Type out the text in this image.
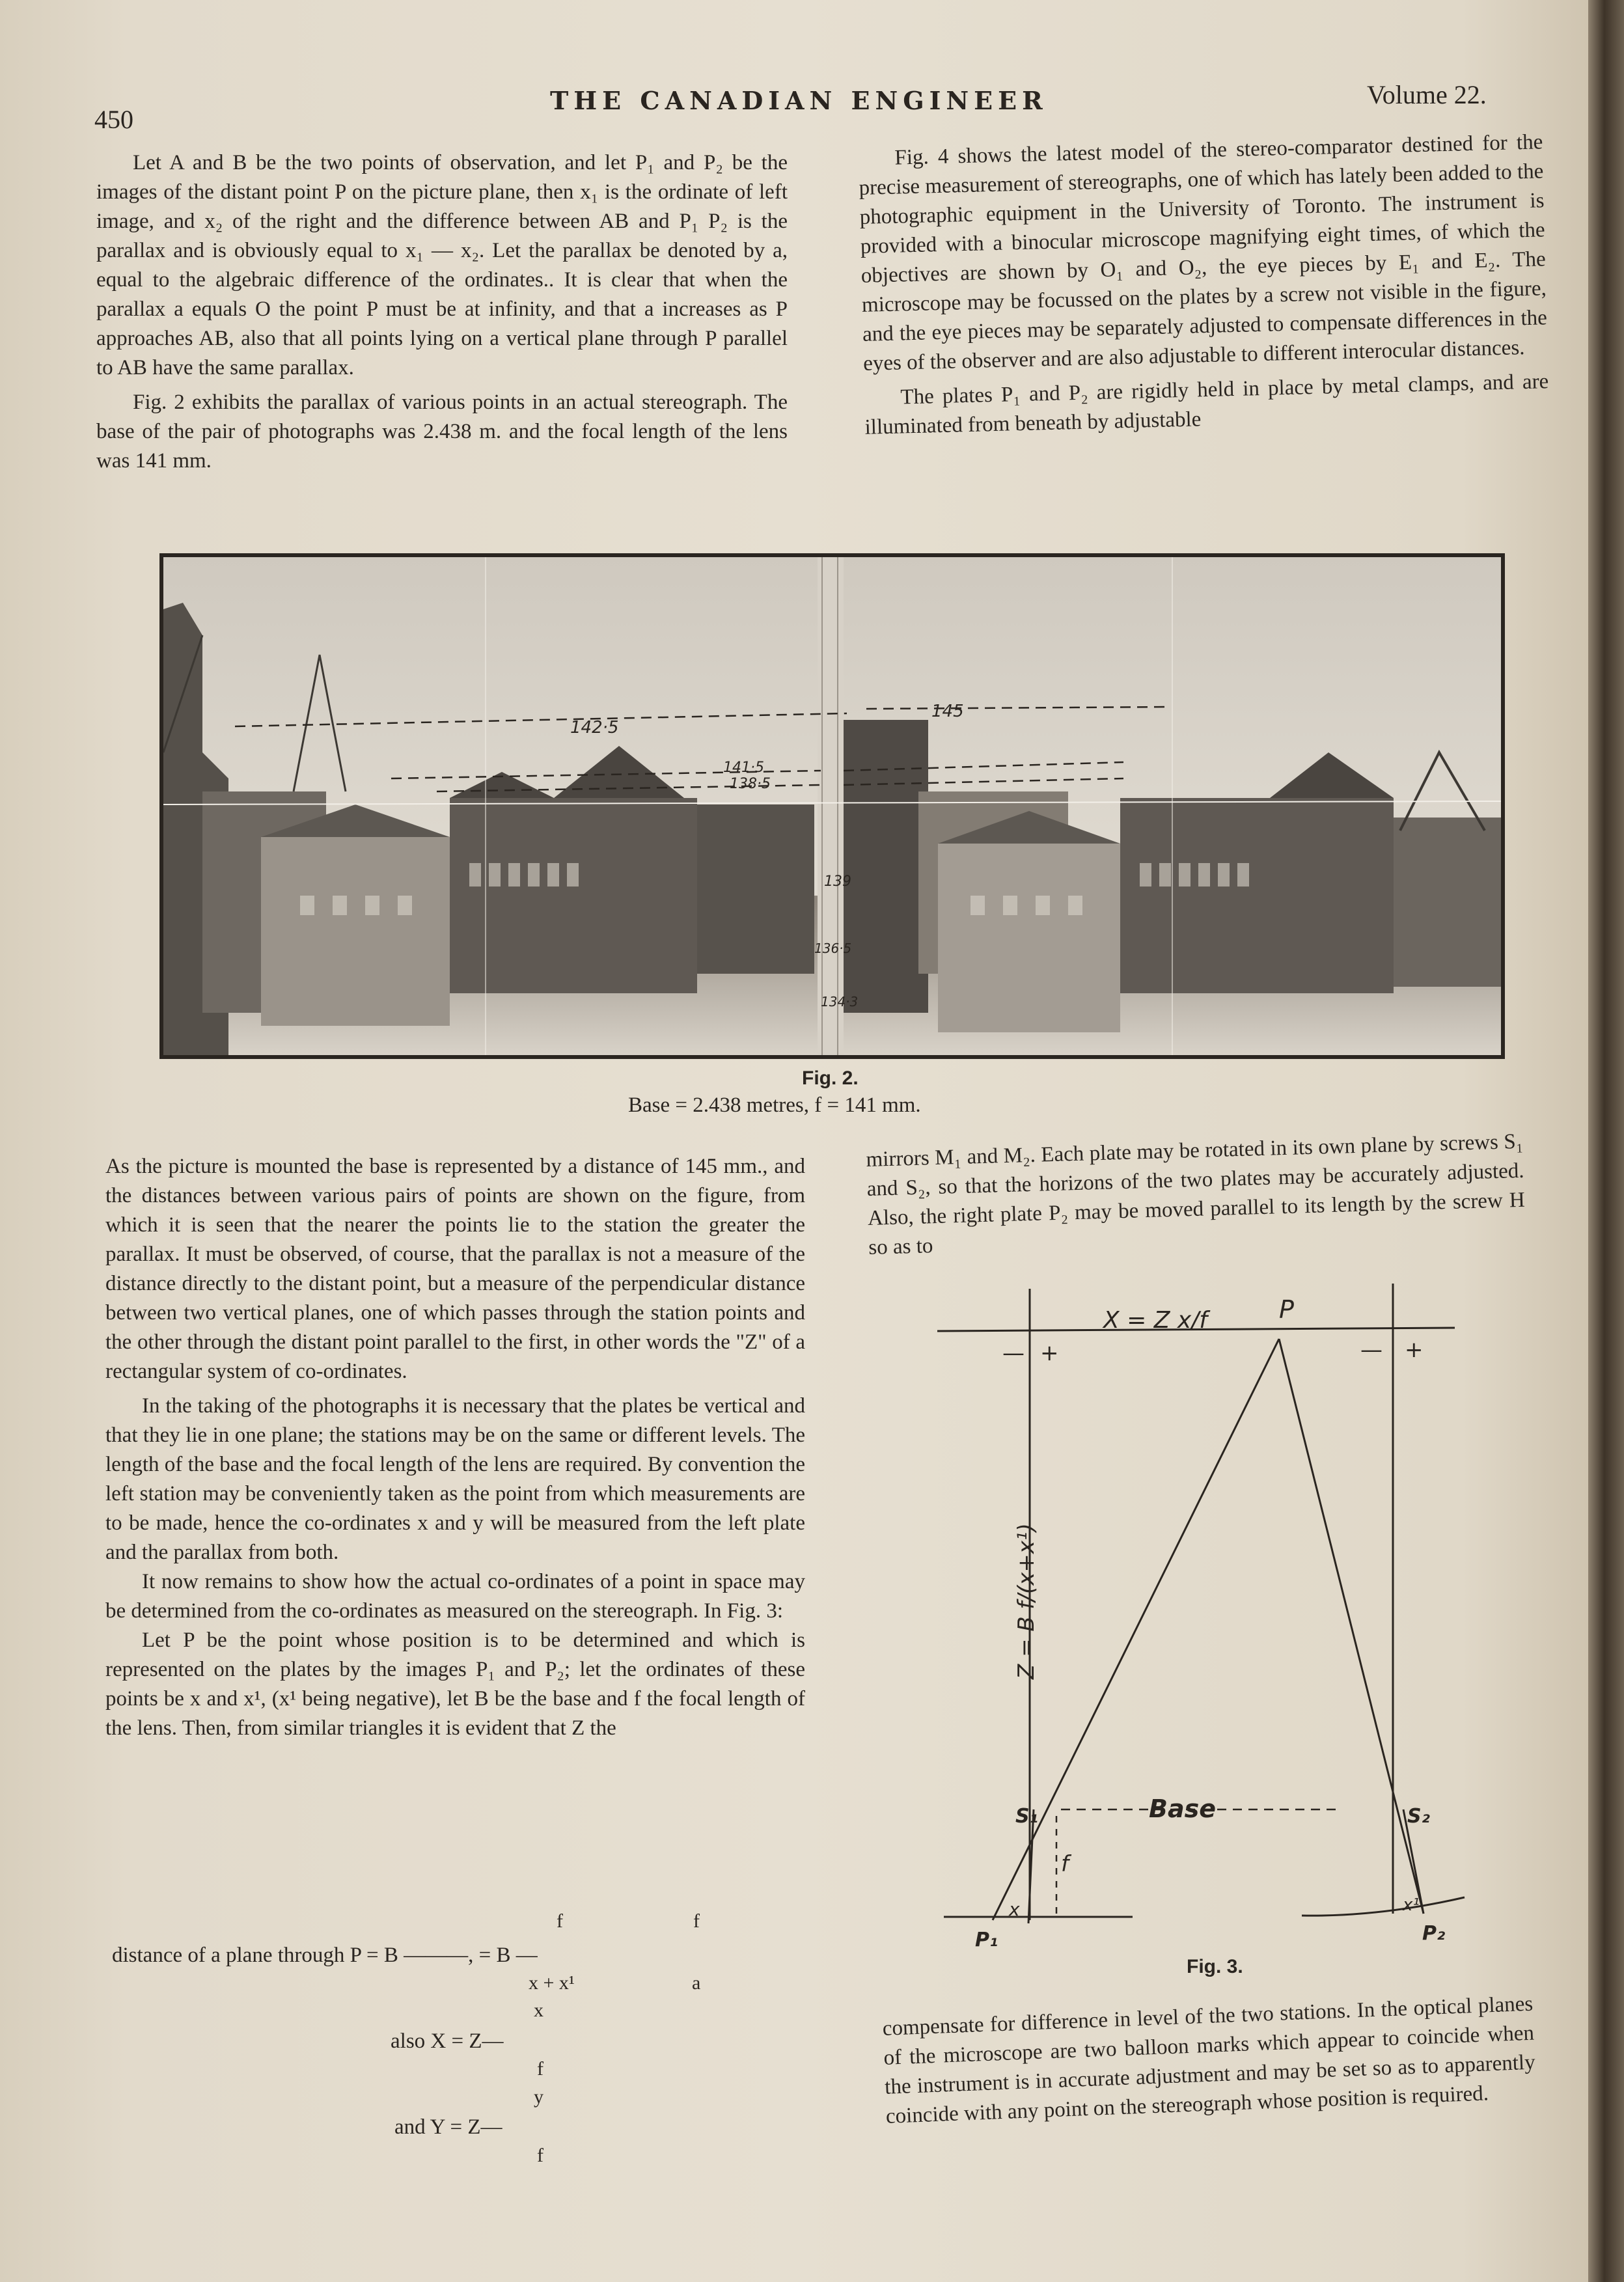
450
THE CANADIAN ENGINEER	Volume 22.

Let A and B be the two points of observation, and let P₁ and P₂ be the images of the distant point P on the picture plane, then x₁ is the ordinate of left image, and x₂ of the right and the difference between AB and P₁ P₂ is the parallax and is obviously equal to x₁ — x₂. Let the parallax be denoted by a, equal to the algebraic difference of the ordinates.. It is clear that when the parallax a equals O the point P must be at infinity, and that a increases as P approaches AB, also that all points lying on a vertical plane through P parallel to AB have the same parallax.

Fig. 2 exhibits the parallax of various points in an actual stereograph. The base of the pair of photographs was 2.438 m. and the focal length of the lens was 141 mm.

Fig. 4 shows the latest model of the stereo-comparator destined for the precise measurement of stereographs, one of which has lately been added to the photographic equipment in the University of Toronto. The instrument is provided with a binocular microscope magnifying eight times, of which the objectives are shown by O₁ and O₂, the eye pieces by E₁ and E₂. The microscope may be focussed on the plates by a screw not visible in the figure, and the eye pieces may be separately adjusted to compensate differences in the eyes of the observer and are also adjustable to different interocular distances.

The plates P₁ and P₂ are rigidly held in place by metal clamps, and are illuminated from beneath by adjustable

142·5
145
141·5
138·5
139
136·5
134·3
Fig. 2.
Base = 2.438 metres, f = 141 mm.

As the picture is mounted the base is represented by a distance of 145 mm., and the distances between various pairs of points are shown on the figure, from which it is seen that the nearer the points lie to the station the greater the parallax. It must be observed, of course, that the parallax is not a measure of the distance directly to the distant point, but a measure of the perpendicular distance between two vertical planes, one of which passes through the station points and the other through the distant point parallel to the first, in other words the "Z" of a rectangular system of co-ordinates.

In the taking of the photographs it is necessary that the plates be vertical and that they lie in one plane; the stations may be on the same or different levels. The length of the base and the focal length of the lens are required. By convention the left station may be conveniently taken as the point from which measurements are to be made, hence the co-ordinates x and y will be measured from the left plate and the parallax from both.

It now remains to show how the actual co-ordinates of a point in space may be determined from the co-ordinates as measured on the stereograph. In Fig. 3:

Let P be the point whose position is to be determined and which is represented on the plates by the images P₁ and P₂; let the ordinates of these points be x and x¹, (x¹ being negative), let B be the base and f the focal length of the lens. Then, from similar triangles it is evident that Z the

f	f
distance of a plane through P = B ———, = B —
x + x¹	a
x
also X = Z—
f
y
and Y = Z—
f

mirrors M₁ and M₂. Each plate may be rotated in its own plane by screws S₁ and S₂, so that the horizons of the two plates may be accurately adjusted. Also, the right plate P₂ may be moved parallel to its length by the screw H so as to

X = Z x/f	P
— +	— +
Z = B f/(x+x¹)
Base
S₁	S₂
f
x	x¹
P₁	P₂
Fig. 3.

compensate for difference in level of the two stations. In the optical planes of the microscope are two balloon marks which appear to coincide when the instrument is in accurate adjustment and may be set so as to apparently coincide with any point on the stereograph whose position is required.
